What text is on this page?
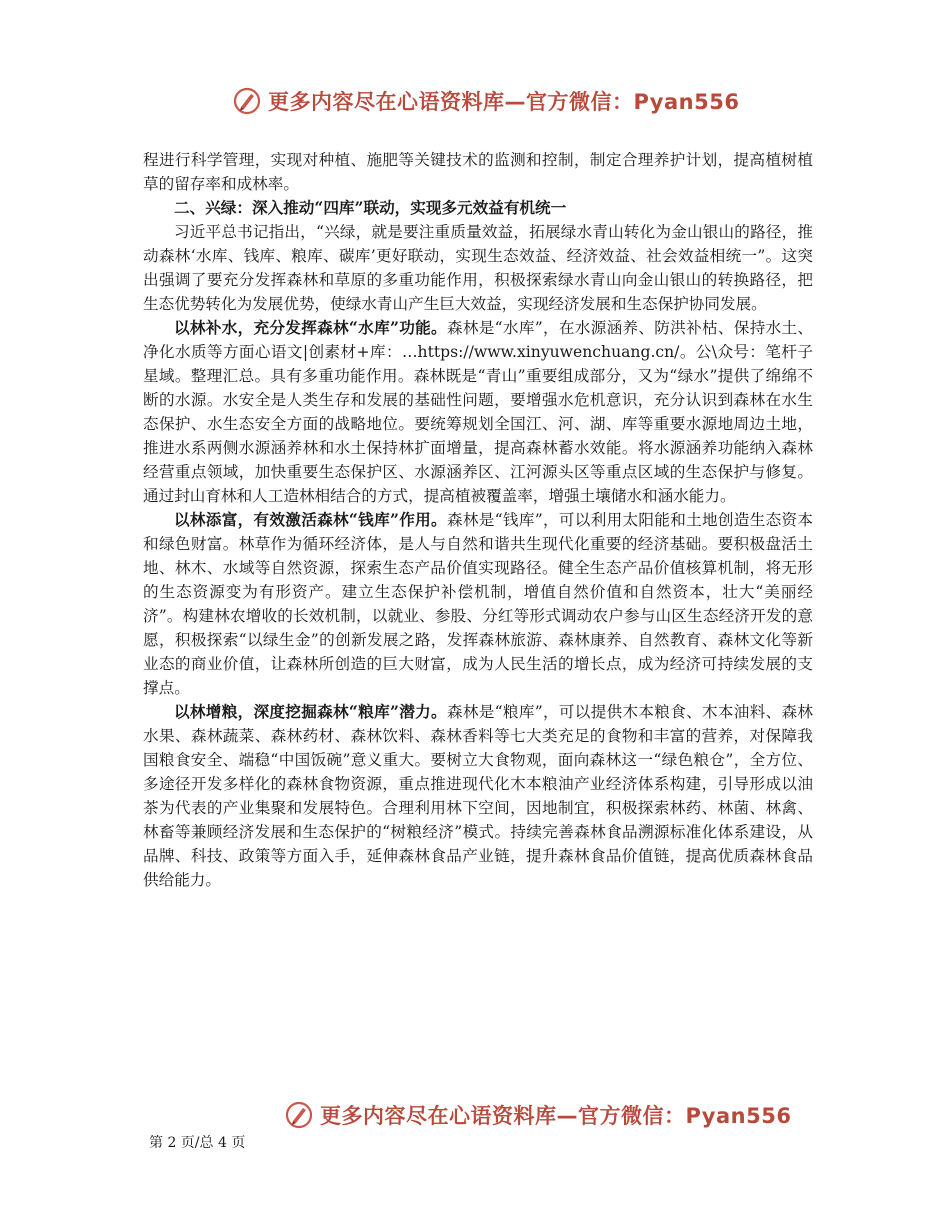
更多内容尽在心语资料库—官方微信：Pyan556

程进行科学管理，实现对种植、施肥等关键技术的监测和控制，制定合理养护计划，提高植树植草的留存率和成林率。

二、兴绿：深入推动“四库”联动，实现多元效益有机统一

习近平总书记指出，“兴绿，就是要注重质量效益，拓展绿水青山转化为金山银山的路径，推动森林‘水库、钱库、粮库、碳库’更好联动，实现生态效益、经济效益、社会效益相统一”。这突出强调了要充分发挥森林和草原的多重功能作用，积极探索绿水青山向金山银山的转换路径，把生态优势转化为发展优势，使绿水青山产生巨大效益，实现经济发展和生态保护协同发展。

以林补水，充分发挥森林“水库”功能。森林是“水库”，在水源涵养、防洪补枯、保持水土、净化水质等方面心语文|创素材+库：…https://www.xinyuwenchuang.cn/。公\众号：笔杆子星域。整理汇总。具有多重功能作用。森林既是“青山”重要组成部分，又为“绿水”提供了绵绵不断的水源。水安全是人类生存和发展的基础性问题，要增强水危机意识，充分认识到森林在水生态保护、水生态安全方面的战略地位。要统筹规划全国江、河、湖、库等重要水源地周边土地，推进水系两侧水源涵养林和水土保持林扩面增量，提高森林蓄水效能。将水源涵养功能纳入森林经营重点领域，加快重要生态保护区、水源涵养区、江河源头区等重点区域的生态保护与修复。通过封山育林和人工造林相结合的方式，提高植被覆盖率，增强土壤储水和涵水能力。

以林添富，有效激活森林“钱库”作用。森林是“钱库”，可以利用太阳能和土地创造生态资本和绿色财富。林草作为循环经济体，是人与自然和谐共生现代化重要的经济基础。要积极盘活土地、林木、水域等自然资源，探索生态产品价值实现路径。健全生态产品价值核算机制，将无形的生态资源变为有形资产。建立生态保护补偿机制，增值自然价值和自然资本，壮大“美丽经济”。构建林农增收的长效机制，以就业、参股、分红等形式调动农户参与山区生态经济开发的意愿，积极探索“以绿生金”的创新发展之路，发挥森林旅游、森林康养、自然教育、森林文化等新业态的商业价值，让森林所创造的巨大财富，成为人民生活的增长点，成为经济可持续发展的支撑点。

以林增粮，深度挖掘森林“粮库”潜力。森林是“粮库”，可以提供木本粮食、木本油料、森林水果、森林蔬菜、森林药材、森林饮料、森林香料等七大类充足的食物和丰富的营养，对保障我国粮食安全、端稳“中国饭碗”意义重大。要树立大食物观，面向森林这一“绿色粮仓”，全方位、多途径开发多样化的森林食物资源，重点推进现代化木本粮油产业经济体系构建，引导形成以油茶为代表的产业集聚和发展特色。合理利用林下空间，因地制宜，积极探索林药、林菌、林禽、林畜等兼顾经济发展和生态保护的“树粮经济”模式。持续完善森林食品溯源标准化体系建设，从品牌、科技、政策等方面入手，延伸森林食品产业链，提升森林食品价值链，提高优质森林食品供给能力。

更多内容尽在心语资料库—官方微信：Pyan556
第 2 页/总 4 页
